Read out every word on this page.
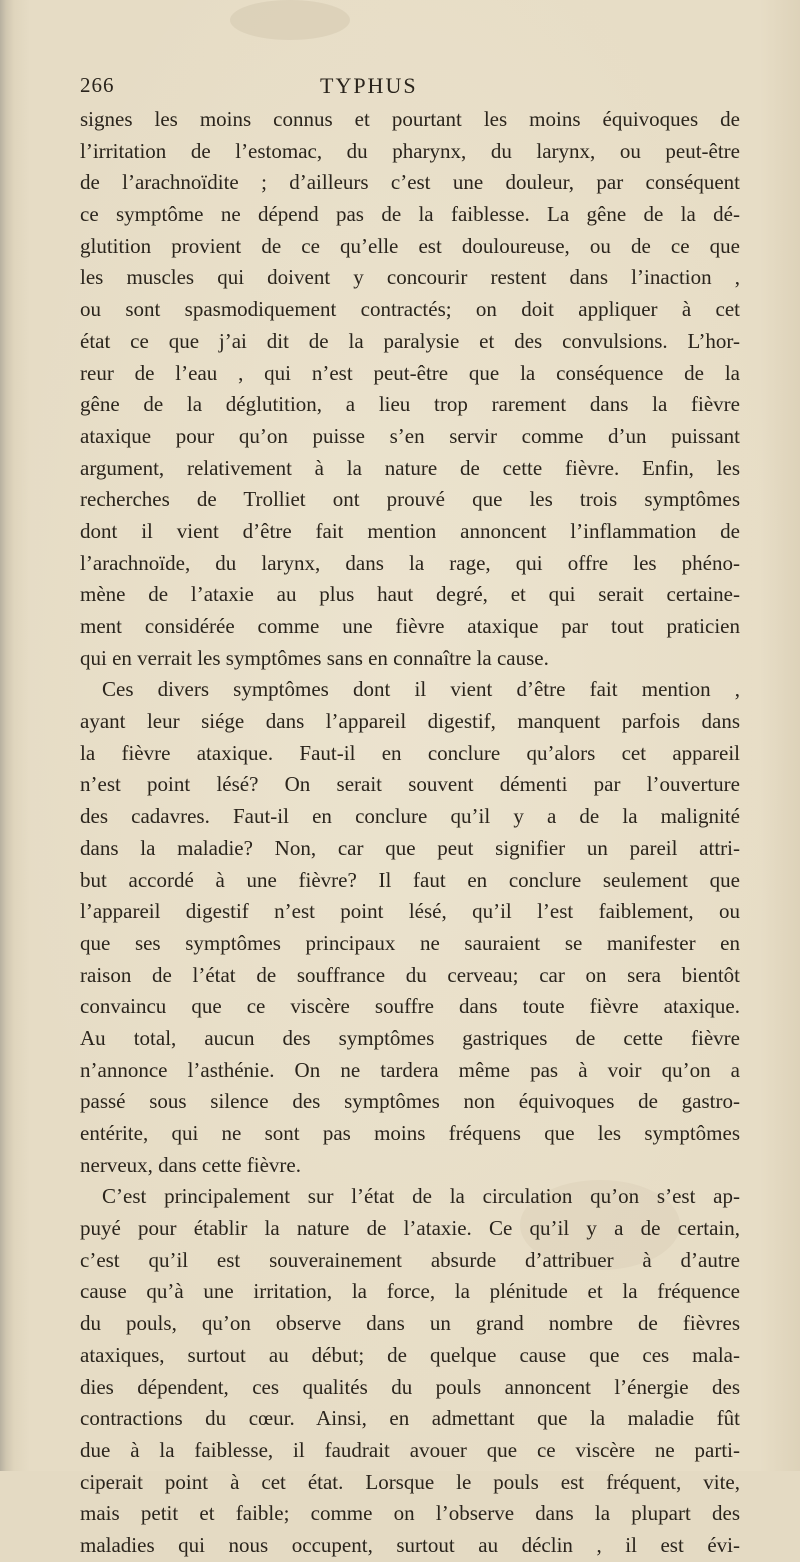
266	TYPHUS
signes les moins connus et pourtant les moins équivoques de
l’irritation de l’estomac, du pharynx, du larynx, ou peut-être
de l’arachnoïdite ; d’ailleurs c’est une douleur, par conséquent
ce symptôme ne dépend pas de la faiblesse. La gêne de la dé-
glutition provient de ce qu’elle est douloureuse, ou de ce que
les muscles qui doivent y concourir restent dans l’inaction ,
ou sont spasmodiquement contractés; on doit appliquer à cet
état ce que j’ai dit de la paralysie et des convulsions. L’hor-
reur de l’eau , qui n’est peut-être que la conséquence de la
gêne de la déglutition, a lieu trop rarement dans la fièvre
ataxique pour qu’on puisse s’en servir comme d’un puissant
argument, relativement à la nature de cette fièvre. Enfin, les
recherches de Trolliet ont prouvé que les trois symptômes
dont il vient d’être fait mention annoncent l’inflammation de
l’arachnoïde, du larynx, dans la rage, qui offre les phéno-
mène de l’ataxie au plus haut degré, et qui serait certaine-
ment considérée comme une fièvre ataxique par tout praticien
qui en verrait les symptômes sans en connaître la cause.
Ces divers symptômes dont il vient d’être fait mention ,
ayant leur siége dans l’appareil digestif, manquent parfois dans
la fièvre ataxique. Faut-il en conclure qu’alors cet appareil
n’est point lésé? On serait souvent démenti par l’ouverture
des cadavres. Faut-il en conclure qu’il y a de la malignité
dans la maladie? Non, car que peut signifier un pareil attri-
but accordé à une fièvre? Il faut en conclure seulement que
l’appareil digestif n’est point lésé, qu’il l’est faiblement, ou
que ses symptômes principaux ne sauraient se manifester en
raison de l’état de souffrance du cerveau; car on sera bientôt
convaincu que ce viscère souffre dans toute fièvre ataxique.
Au total, aucun des symptômes gastriques de cette fièvre
n’annonce l’asthénie. On ne tardera même pas à voir qu’on a
passé sous silence des symptômes non équivoques de gastro-
entérite, qui ne sont pas moins fréquens que les symptômes
nerveux, dans cette fièvre.
C’est principalement sur l’état de la circulation qu’on s’est ap-
puyé pour établir la nature de l’ataxie. Ce qu’il y a de certain,
c’est qu’il est souverainement absurde d’attribuer à d’autre
cause qu’à une irritation, la force, la plénitude et la fréquence
du pouls, qu’on observe dans un grand nombre de fièvres
ataxiques, surtout au début; de quelque cause que ces mala-
dies dépendent, ces qualités du pouls annoncent l’énergie des
contractions du cœur. Ainsi, en admettant que la maladie fût
due à la faiblesse, il faudrait avouer que ce viscère ne parti-
ciperait point à cet état. Lorsque le pouls est fréquent, vite,
mais petit et faible; comme on l’observe dans la plupart des
maladies qui nous occupent, surtout au déclin , il est évi-
